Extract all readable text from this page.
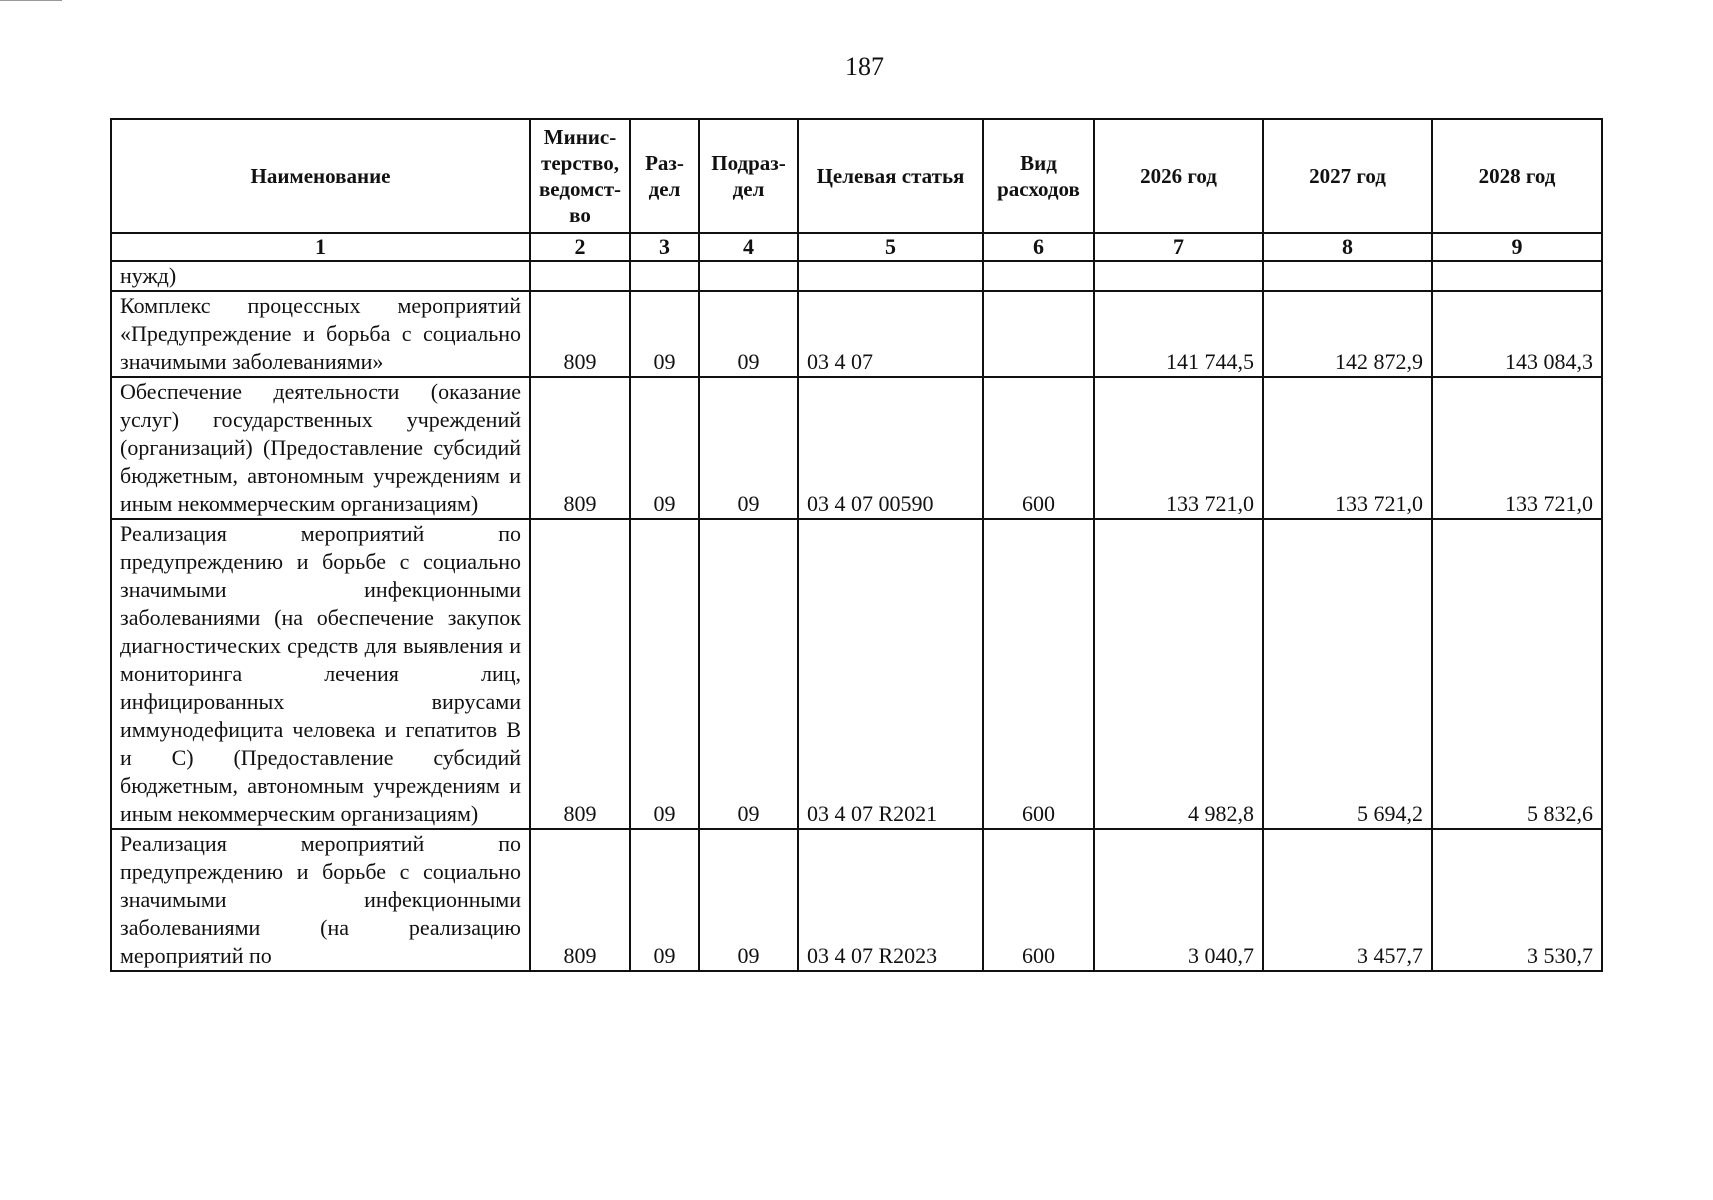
187
Наименование	Минис-терство, ведомст-во	Раз-дел	Подраз-дел	Целевая статья	Вид расходов	2026 год	2027 год	2028 год
1	2	3	4	5	6	7	8	9
нужд)								
Комплекс процессных мероприятий «Предупреждение и борьба с социально значимыми заболеваниями»	809	09	09	03 4 07		141 744,5	142 872,9	143 084,3
Обеспечение деятельности (оказание услуг) государственных учреждений (организаций) (Предоставление субсидий бюджетным, автономным учреждениям и иным некоммерческим организациям)	809	09	09	03 4 07 00590	600	133 721,0	133 721,0	133 721,0
Реализация мероприятий по предупреждению и борьбе с социально значимыми инфекционными заболеваниями (на обеспечение закупок диагностических средств для выявления и мониторинга лечения лиц, инфицированных вирусами иммунодефицита человека и гепатитов B и C) (Предоставление субсидий бюджетным, автономным учреждениям и иным некоммерческим организациям)	809	09	09	03 4 07 R2021	600	4 982,8	5 694,2	5 832,6
Реализация мероприятий по предупреждению и борьбе с социально значимыми инфекционными заболеваниями (на реализацию мероприятий по	809	09	09	03 4 07 R2023	600	3 040,7	3 457,7	3 530,7
